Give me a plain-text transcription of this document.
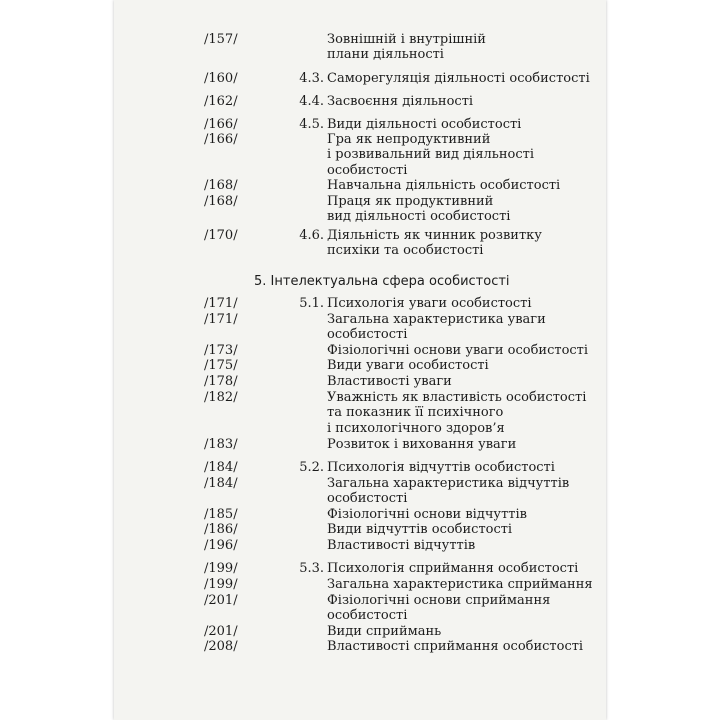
/157/	Зовнішній і внутрішній
плани діяльності
/160/	4.3. Саморегуляція діяльності особистості
/162/	4.4. Засвоєння діяльності
/166/	4.5. Види діяльності особистості
/166/	Гра як непродуктивний
і розвивальний вид діяльності
особистості
/168/	Навчальна діяльність особистості
/168/	Праця як продуктивний
вид діяльності особистості
/170/	4.6. Діяльність як чинник розвитку
психіки та особистості
/171/	5.1. Психологія уваги особистості
/171/	Загальна характеристика уваги
особистості
/173/	Фізіологічні основи уваги особистості
/175/	Види уваги особистості
/178/	Властивості уваги
/182/	Уважність як властивість особистості
та показник її психічного
і психологічного здоров’я
/183/	Розвиток і виховання уваги
/184/	5.2. Психологія відчуттів особистості
/184/	Загальна характеристика відчуттів
особистості
/185/	Фізіологічні основи відчуттів
/186/	Види відчуттів особистості
/196/	Властивості відчуттів
/199/	5.3. Психологія сприймання особистості
/199/	Загальна характеристика сприймання
/201/	Фізіологічні основи сприймання
особистості
/201/	Види сприймань
/208/	Властивості сприймання особистості
5. Інтелектуальна сфера особистості
